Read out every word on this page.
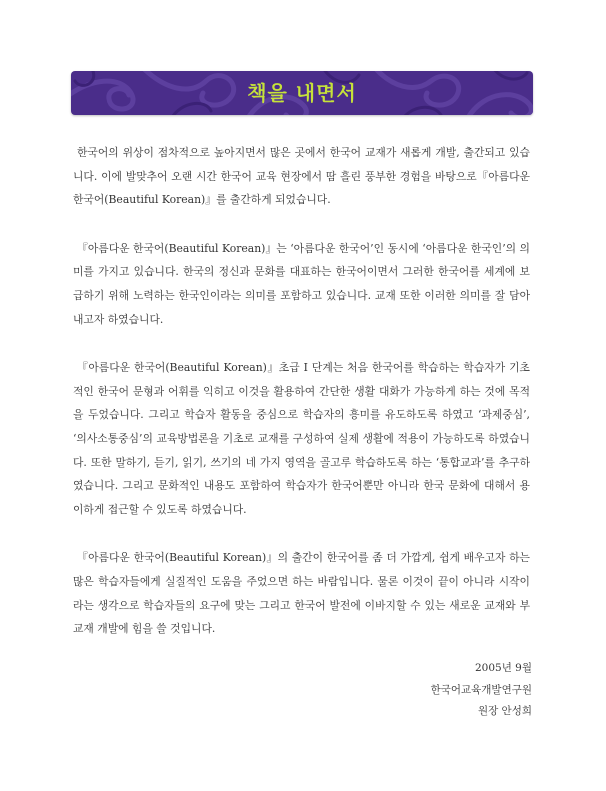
책을 내면서

한국어의 위상이 점차적으로 높아지면서 많은 곳에서 한국어 교재가 새롭게 개발, 출간되고 있습니다. 이에 발맞추어 오랜 시간 한국어 교육 현장에서 땀 흘린 풍부한 경험을 바탕으로『아름다운 한국어(Beautiful Korean)』를 출간하게 되었습니다.

『아름다운 한국어(Beautiful Korean)』는 ‘아름다운 한국어’인 동시에 ‘아름다운 한국인’의 의미를 가지고 있습니다. 한국의 정신과 문화를 대표하는 한국어이면서 그러한 한국어를 세계에 보급하기 위해 노력하는 한국인이라는 의미를 포함하고 있습니다. 교재 또한 이러한 의미를 잘 담아내고자 하였습니다.

『아름다운 한국어(Beautiful Korean)』초급 I 단계는 처음 한국어를 학습하는 학습자가 기초적인 한국어 문형과 어휘를 익히고 이것을 활용하여 간단한 생활 대화가 가능하게 하는 것에 목적을 두었습니다. 그리고 학습자 활동을 중심으로 학습자의 흥미를 유도하도록 하였고 ‘과제중심’, ‘의사소통중심’의 교육방법론을 기초로 교재를 구성하여 실제 생활에 적용이 가능하도록 하였습니다. 또한 말하기, 듣기, 읽기, 쓰기의 네 가지 영역을 골고루 학습하도록 하는 ‘통합교과’를 추구하였습니다. 그리고 문화적인 내용도 포함하여 학습자가 한국어뿐만 아니라 한국 문화에 대해서 용이하게 접근할 수 있도록 하였습니다.

『아름다운 한국어(Beautiful Korean)』의 출간이 한국어를 좀 더 가깝게, 쉽게 배우고자 하는 많은 학습자들에게 실질적인 도움을 주었으면 하는 바람입니다. 물론 이것이 끝이 아니라 시작이라는 생각으로 학습자들의 요구에 맞는 그리고 한국어 발전에 이바지할 수 있는 새로운 교재와 부교재 개발에 힘을 쓸 것입니다.

2005년 9월
한국어교육개발연구원
원장 안성희
